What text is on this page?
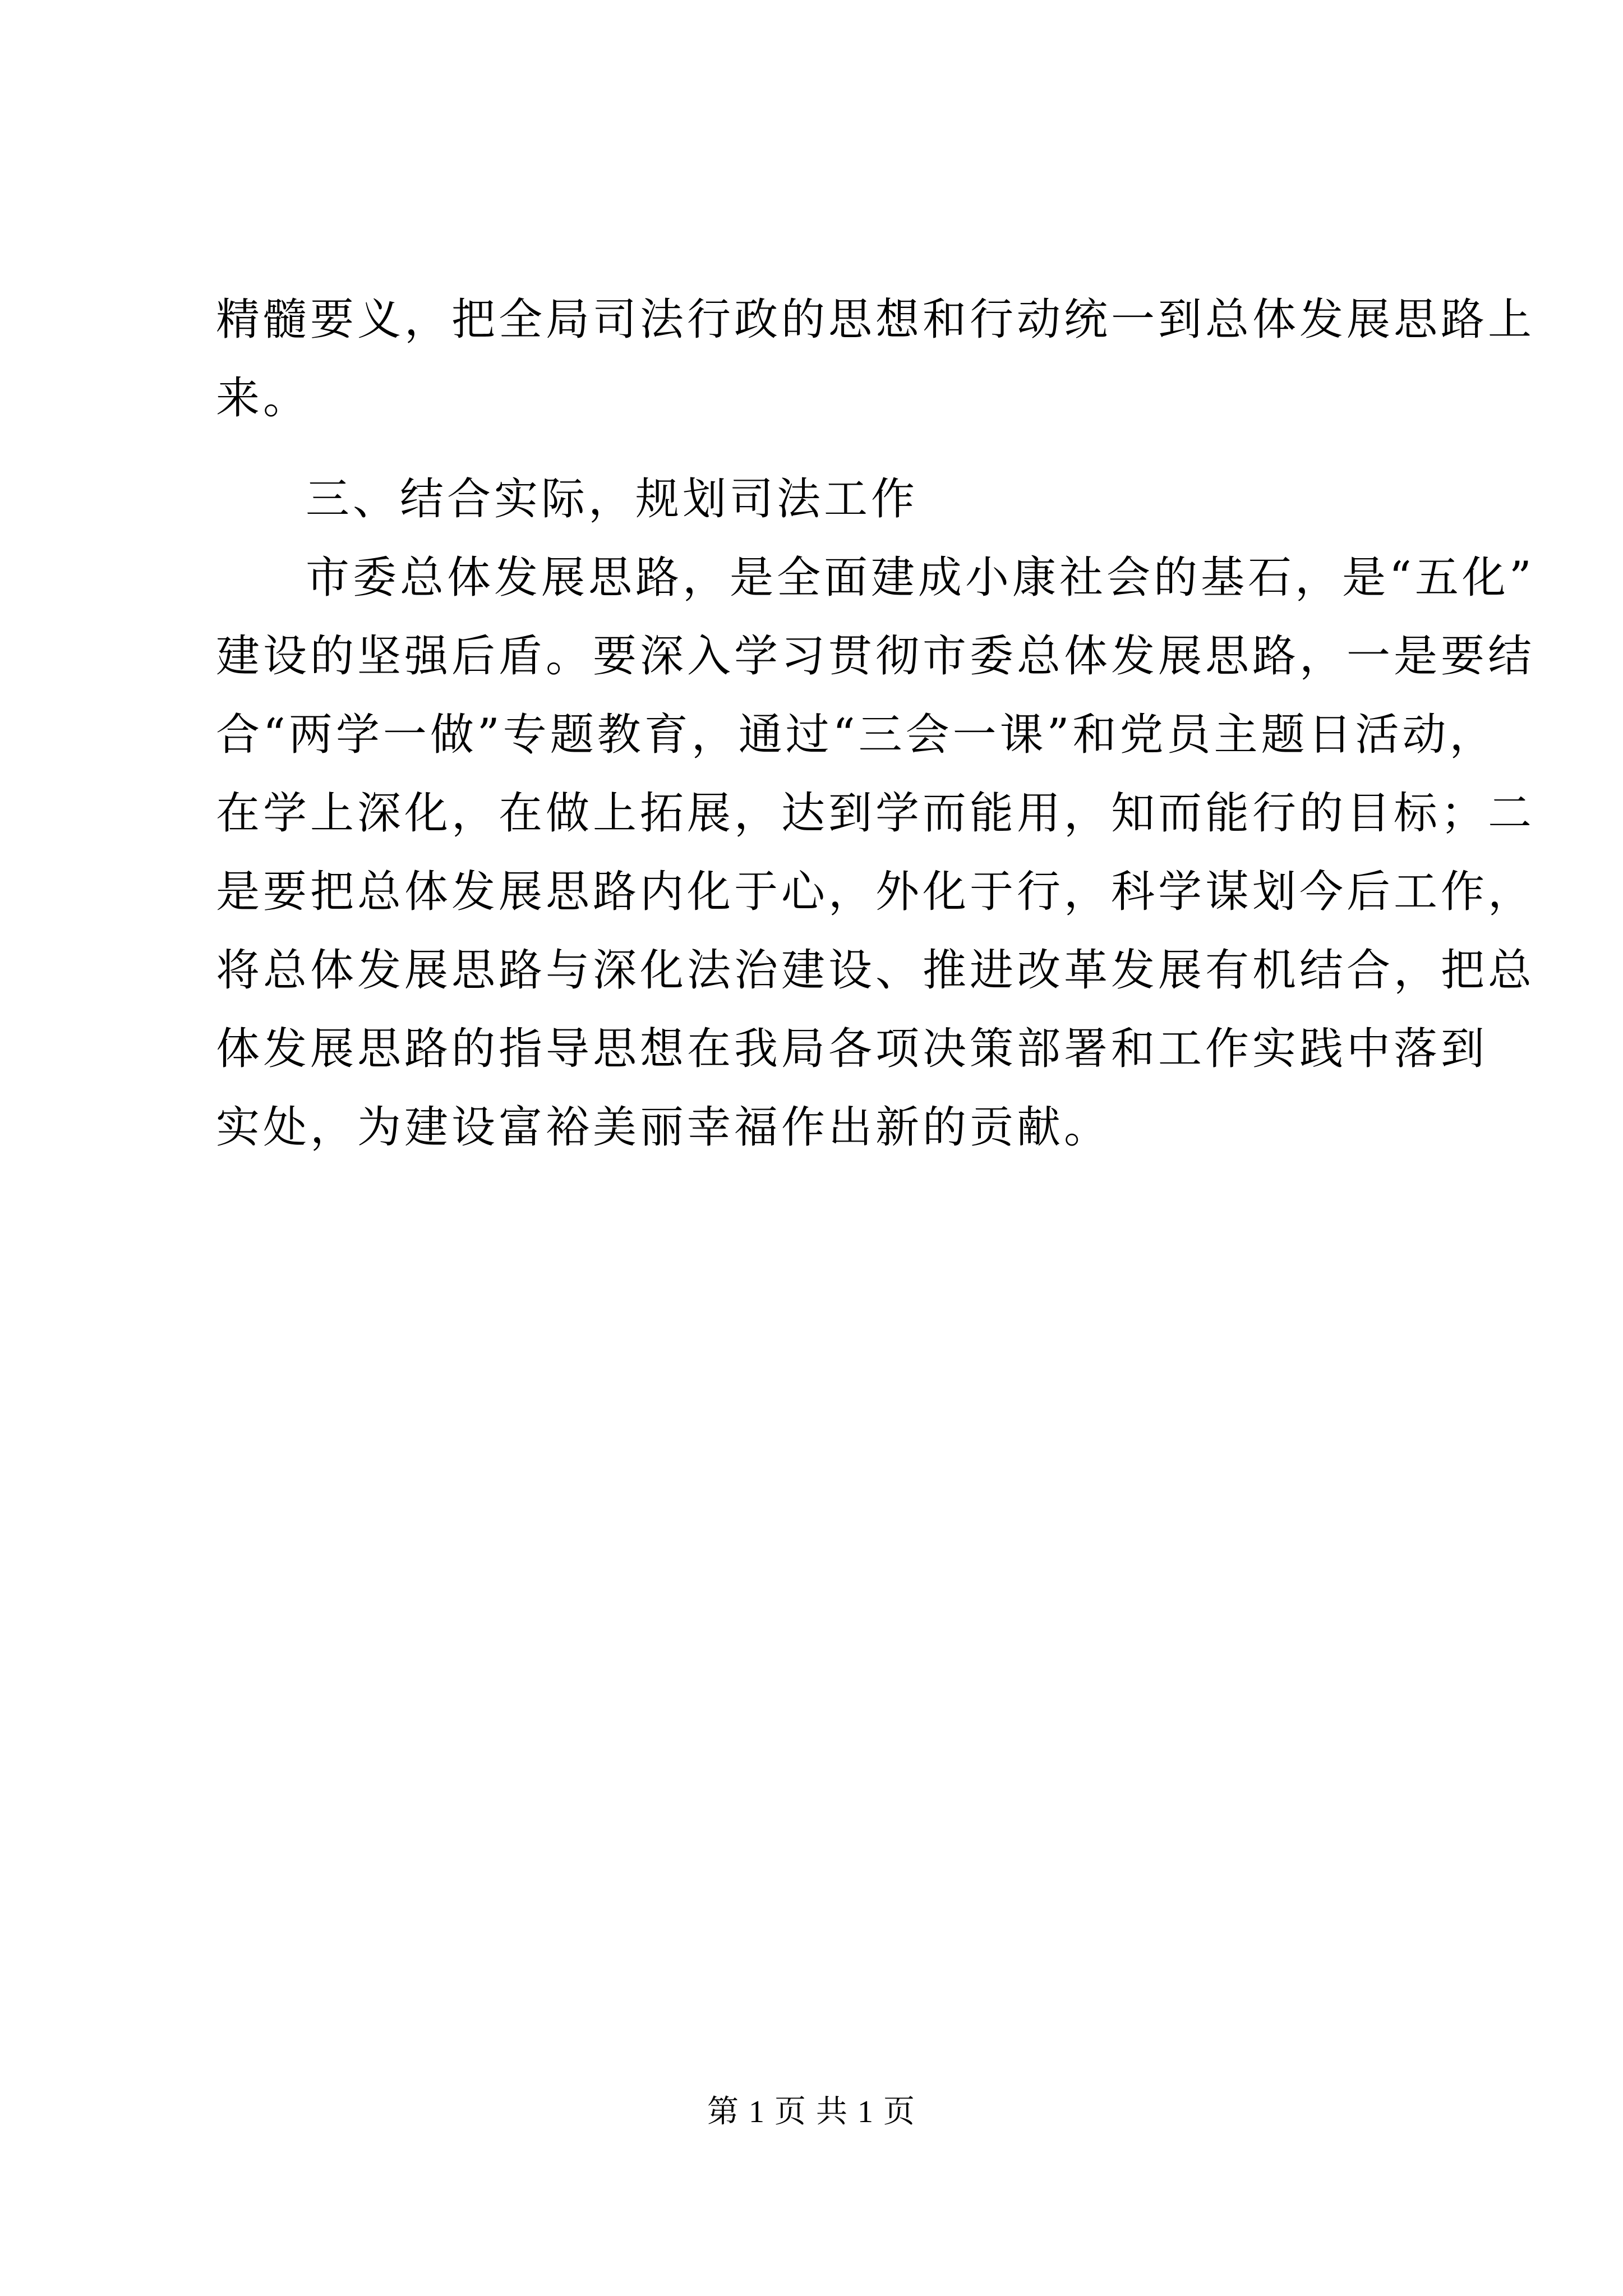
精髓要义，把全局司法行政的思想和行动统一到总体发展思路上
来。
三、结合实际，规划司法工作
市委总体发展思路，是全面建成小康社会的基石，是“五化”
建设的坚强后盾。要深入学习贯彻市委总体发展思路，一是要结
合“两学一做”专题教育，通过“三会一课”和党员主题日活动，
在学上深化，在做上拓展，达到学而能用，知而能行的目标；二
是要把总体发展思路内化于心，外化于行，科学谋划今后工作，
将总体发展思路与深化法治建设、推进改革发展有机结合，把总
体发展思路的指导思想在我局各项决策部署和工作实践中落到
实处，为建设富裕美丽幸福作出新的贡献。
第 1 页 共 1 页
